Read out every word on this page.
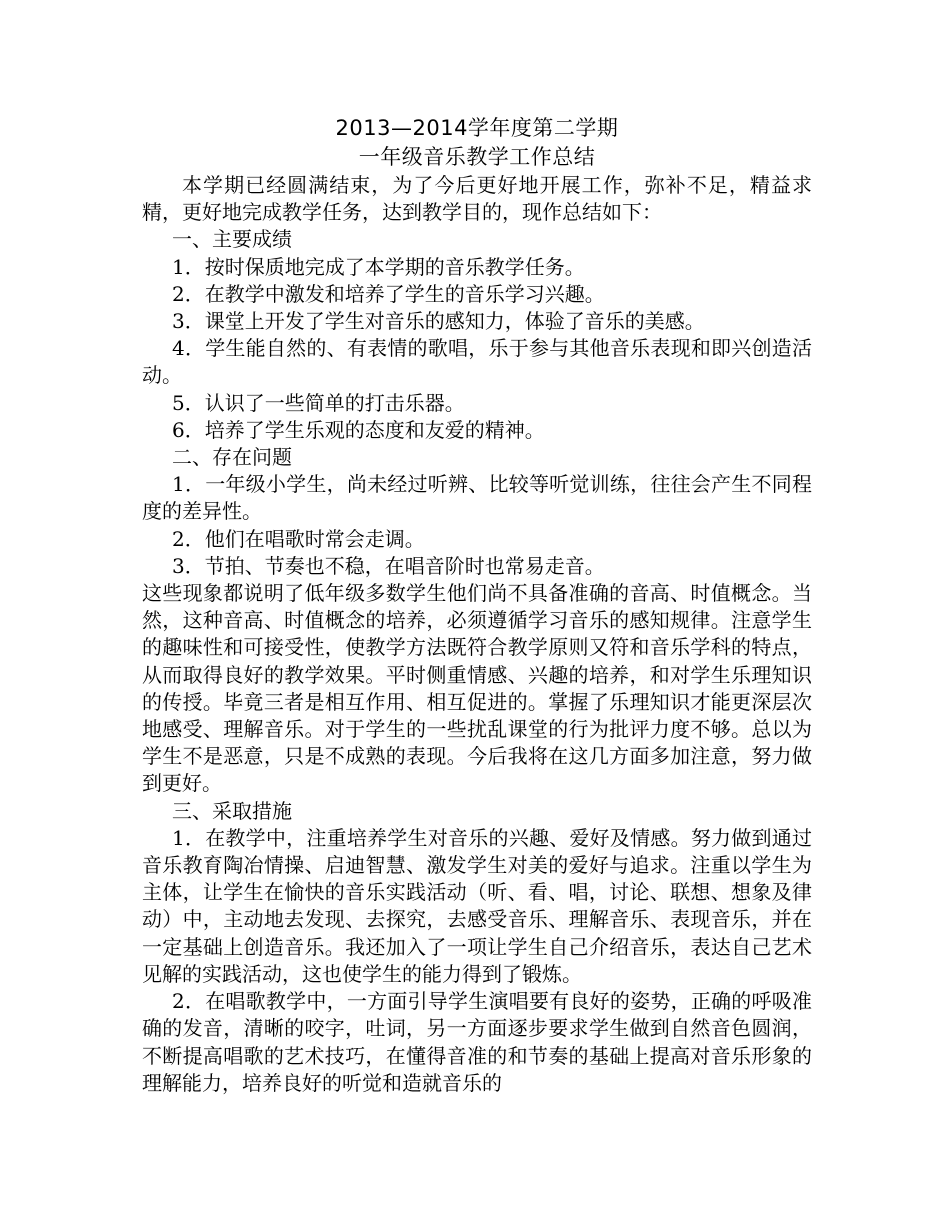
2013—2014学年度第二学期
一年级音乐教学工作总结

本学期已经圆满结束，为了今后更好地开展工作，弥补不足，精益求精，更好地完成教学任务，达到教学目的，现作总结如下：

一、主要成绩

1．按时保质地完成了本学期的音乐教学任务。

2．在教学中激发和培养了学生的音乐学习兴趣。

3．课堂上开发了学生对音乐的感知力，体验了音乐的美感。

4．学生能自然的、有表情的歌唱，乐于参与其他音乐表现和即兴创造活动。

5．认识了一些简单的打击乐器。

6．培养了学生乐观的态度和友爱的精神。

二、存在问题

1．一年级小学生，尚未经过听辨、比较等听觉训练，往往会产生不同程度的差异性。

2．他们在唱歌时常会走调。

3．节拍、节奏也不稳，在唱音阶时也常易走音。

这些现象都说明了低年级多数学生他们尚不具备准确的音高、时值概念。当然，这种音高、时值概念的培养，必须遵循学习音乐的感知规律。注意学生的趣味性和可接受性，使教学方法既符合教学原则又符和音乐学科的特点，从而取得良好的教学效果。平时侧重情感、兴趣的培养，和对学生乐理知识的传授。毕竟三者是相互作用、相互促进的。掌握了乐理知识才能更深层次地感受、理解音乐。对于学生的一些扰乱课堂的行为批评力度不够。总以为学生不是恶意，只是不成熟的表现。今后我将在这几方面多加注意，努力做到更好。

三、采取措施

1．在教学中，注重培养学生对音乐的兴趣、爱好及情感。努力做到通过音乐教育陶冶情操、启迪智慧、激发学生对美的爱好与追求。注重以学生为主体，让学生在愉快的音乐实践活动（听、看、唱，讨论、联想、想象及律动）中，主动地去发现、去探究，去感受音乐、理解音乐、表现音乐，并在一定基础上创造音乐。我还加入了一项让学生自己介绍音乐，表达自己艺术见解的实践活动，这也使学生的能力得到了锻炼。

2．在唱歌教学中，一方面引导学生演唱要有良好的姿势，正确的呼吸准确的发音，清晰的咬字，吐词，另一方面逐步要求学生做到自然音色圆润，不断提高唱歌的艺术技巧，在懂得音准的和节奏的基础上提高对音乐形象的理解能力，培养良好的听觉和造就音乐的
